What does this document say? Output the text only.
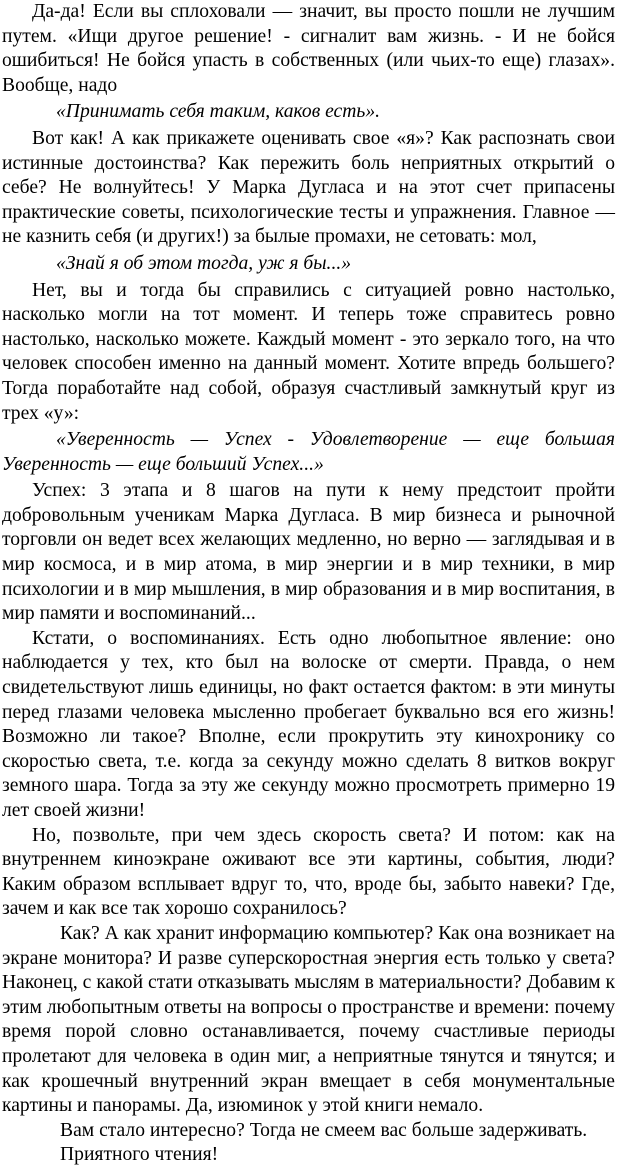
Да-да! Если вы сплоховали — значит, вы просто пошли не лучшим путем. «Ищи другое решение! - сигналит вам жизнь. - И не бойся ошибиться! Не бойся упасть в собственных (или чьих-то еще) глазах». Вообще, надо

«Принимать себя таким, каков есть».

Вот как! А как прикажете оценивать свое «я»? Как распознать свои истинные достоинства? Как пережить боль неприятных открытий о себе? Не волнуйтесь! У Марка Дугласа и на этот счет припасены практические советы, психологические тесты и упражнения. Главное — не казнить себя (и других!) за былые промахи, не сетовать: мол,

«Знай я об этом тогда, уж я бы...»

Нет, вы и тогда бы справились с ситуацией ровно настолько, насколько могли на тот момент. И теперь тоже справитесь ровно настолько, насколько можете. Каждый момент - это зеркало того, на что человек способен именно на данный момент. Хотите впредь большего? Тогда поработайте над собой, образуя счастливый замкнутый круг из трех «у»:

«Уверенность — Успех - Удовлетворение — еще большая Уверенность — еще больший Успех...»

Успех: 3 этапа и 8 шагов на пути к нему предстоит пройти добровольным ученикам Марка Дугласа. В мир бизнеса и рыночной торговли он ведет всех желающих медленно, но верно — заглядывая и в мир космоса, и в мир атома, в мир энергии и в мир техники, в мир психологии и в мир мышления, в мир образования и в мир воспитания, в мир памяти и воспоминаний...

Кстати, о воспоминаниях. Есть одно любопытное явление: оно наблюдается у тех, кто был на волоске от смерти. Правда, о нем свидетельствуют лишь единицы, но факт остается фактом: в эти минуты перед глазами человека мысленно пробегает буквально вся его жизнь! Возможно ли такое? Вполне, если прокрутить эту кинохронику со скоростью света, т.е. когда за секунду можно сделать 8 витков вокруг земного шара. Тогда за эту же секунду можно просмотреть примерно 19 лет своей жизни!

Но, позвольте, при чем здесь скорость света? И потом: как на внутреннем киноэкране оживают все эти картины, события, люди? Каким образом всплывает вдруг то, что, вроде бы, забыто навеки? Где, зачем и как все так хорошо сохранилось?

Как? А как хранит информацию компьютер? Как она возникает на экране монитора? И разве суперскоростная энергия есть только у света? Наконец, с какой стати отказывать мыслям в материальности? Добавим к этим любопытным ответы на вопросы о пространстве и времени: почему время порой словно останавливается, почему счастливые периоды пролетают для человека в один миг, а неприятные тянутся и тянутся; и как крошечный внутренний экран вмещает в себя монументальные картины и панорамы. Да, изюминок у этой книги немало.

Вам стало интересно? Тогда не смеем вас больше задерживать.

Приятного чтения!
